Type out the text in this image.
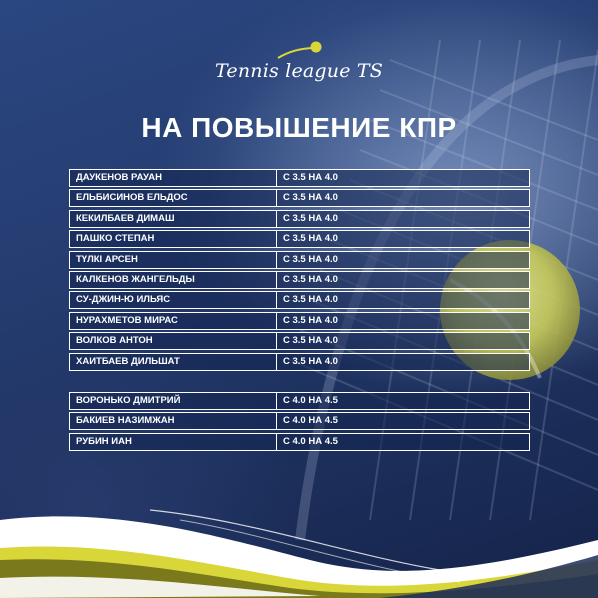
Tennis league TS
НА ПОВЫШЕНИЕ КПР
ДАУКЕНОВ РАУАН	С 3.5 НА 4.0
ЕЛЬБИСИНОВ ЕЛЬДОС	С 3.5 НА 4.0
КЕКИЛБАЕВ ДИМАШ	С 3.5 НА 4.0
ПАШКО СТЕПАН	С 3.5 НА 4.0
ТҮЛКІ АРСЕН	С 3.5 НА 4.0
КАЛКЕНОВ ЖАНГЕЛЬДЫ	С 3.5 НА 4.0
СУ-ДЖИН-Ю ИЛЬЯС	С 3.5 НА 4.0
НУРАХМЕТОВ МИРАС	С 3.5 НА 4.0
ВОЛКОВ АНТОН	С 3.5 НА 4.0
ХАИТБАЕВ ДИЛЬШАТ	С 3.5 НА 4.0
ВОРОНЬКО ДМИТРИЙ	С 4.0 НА 4.5
БАКИЕВ НАЗИМЖАН	С 4.0 НА 4.5
РУБИН ИАН	С 4.0 НА 4.5
